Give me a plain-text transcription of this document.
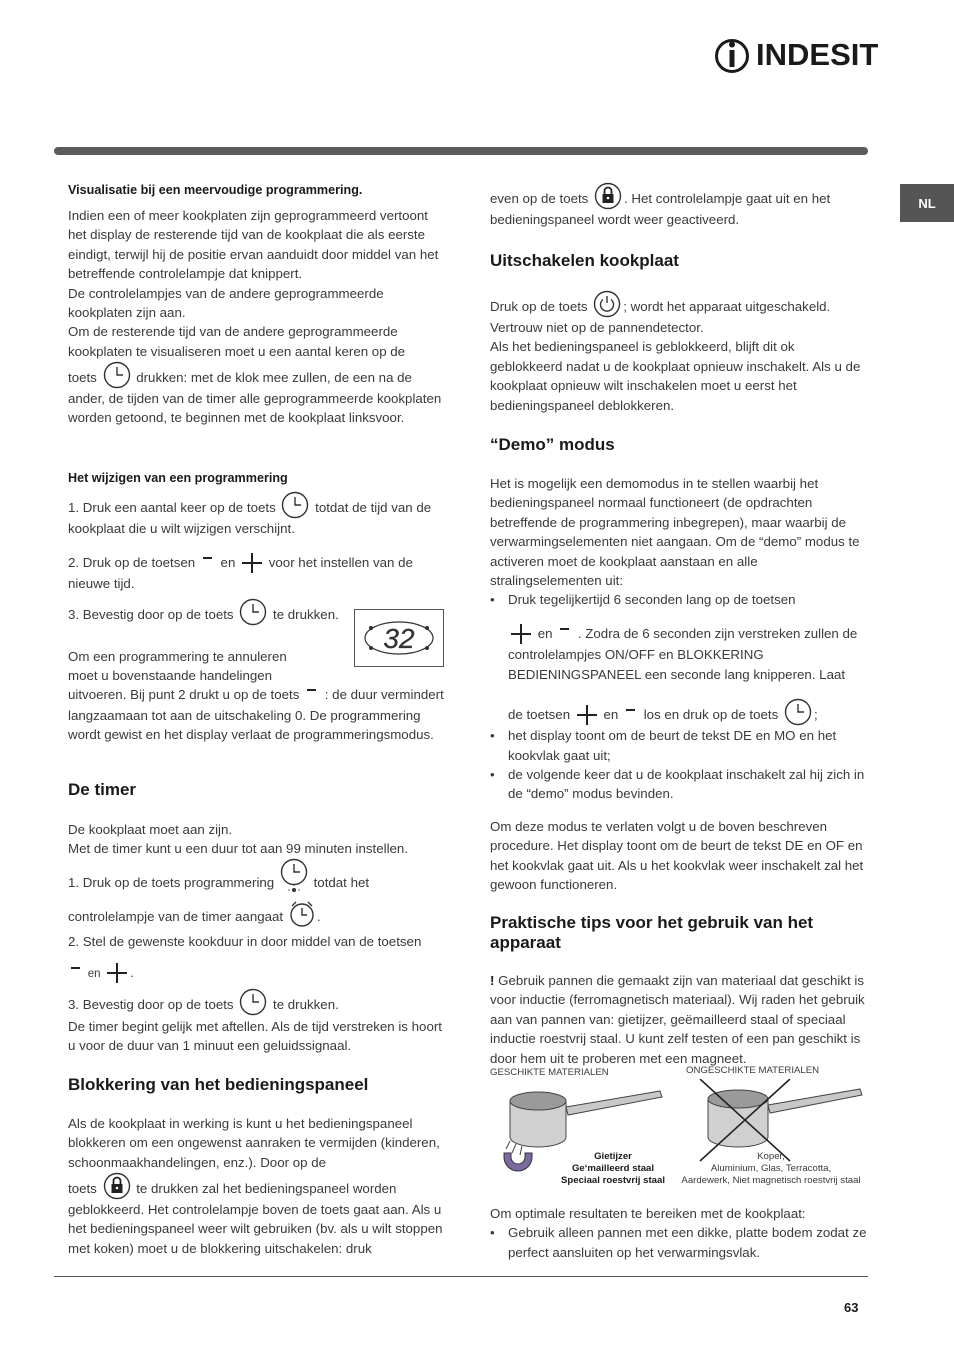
INDESIT
NL
Visualisatie bij een meervoudige programmering.

Indien een of meer kookplaten zijn geprogrammeerd vertoont het display de resterende tijd van de kookplaat die als eerste eindigt, terwijl hij de positie ervan aanduidt door middel van het betreffende controlelampje dat knippert.

De controlelampjes van de andere geprogrammeerde kookplaten zijn aan.

Om de resterende tijd van de andere geprogrammeerde kookplaten te visualiseren moet u een aantal keren op de

toets	drukken: met de klok mee zullen, de een na de ander, de tijden van de timer alle geprogrammeerde kookplaten worden getoond, te beginnen met de kookplaat linksvoor.

Het wijzigen van een programmering

1. Druk een aantal keer op de toets	totdat de tijd van de kookplaat die u wilt wijzigen verschijnt.

2. Druk op de toetsen en	voor het instellen van de nieuwe tijd.

3. Bevestig door op de toets	te drukken.

Om een programmering te annuleren moet u bovenstaande handelingen

uitvoeren. Bij punt 2 drukt u op de toets : de duur vermindert langzaamaan tot aan de uitschakeling 0. De programmering wordt gewist en het display verlaat de programmeringsmodus.

De timer

De kookplaat moet aan zijn.

Met de timer kunt u een duur tot aan 99 minuten instellen.

1. Druk op de toets programmering	totdat het

controlelampje van de timer aangaat	.

2. Stel de gewenste kookduur in door middel van de toetsen

en .

3. Bevestig door op de toets	te drukken.

De timer begint gelijk met aftellen. Als de tijd verstreken is hoort u voor de duur van 1 minuut een geluidssignaal.

Blokkering van het bedieningspaneel

Als de kookplaat in werking is kunt u het bedieningspaneel blokkeren om een ongewenst aanraken te vermijden (kinderen, schoonmaakhandelingen, enz.). Door op de

toets	te drukken zal het bedieningspaneel worden geblokkeerd. Het controlelampje boven de toets gaat aan. Als u het bedieningspaneel weer wilt gebruiken (bv. als u wilt stoppen met koken) moet u de blokkering uitschakelen: druk

32

even op de toets	. Het controlelampje gaat uit en het bedieningspaneel wordt weer geactiveerd.

Uitschakelen kookplaat

Druk op de toets	; wordt het apparaat uitgeschakeld.

Vertrouw niet op de pannendetector.

Als het bedieningspaneel is geblokkeerd, blijft dit ok geblokkeerd nadat u de kookplaat opnieuw inschakelt. Als u de kookplaat opnieuw wilt inschakelen moet u eerst het bedieningspaneel deblokkeren.

“Demo” modus

Het is mogelijk een demomodus in te stellen waarbij het bedieningspaneel normaal functioneert (de opdrachten betreffende de programmering inbegrepen), maar waarbij de verwarmingselementen niet aangaan. Om de “demo” modus te activeren moet de kookplaat aanstaan en alle stralingselementen uit:

• Druk tegelijkertijd 6 seconden lang op de toetsen

en . Zodra de 6 seconden zijn verstreken zullen de controlelampjes ON/OFF en BLOKKERING BEDIENINGSPANEEL een seconde lang knipperen. Laat

de toetsen	en los en druk op de toets	;

• het display toont om de beurt de tekst DE en MO en het kookvlak gaat uit;
• de volgende keer dat u de kookplaat inschakelt zal hij zich in de “demo” modus bevinden.

Om deze modus te verlaten volgt u de boven beschreven procedure. Het display toont om de beurt de tekst DE en OF en het kookvlak gaat uit. Als u het kookvlak weer inschakelt zal het gewoon functioneren.

Praktische tips voor het gebruik van het apparaat

! Gebruik pannen die gemaakt zijn van materiaal dat geschikt is voor inductie (ferromagnetisch materiaal). Wij raden het gebruik aan van pannen van: gietijzer, geëmailleerd staal of speciaal inductie roestvrij staal. U kunt zelf testen of een pan geschikt is door hem uit te proberen met een magneet.

Om optimale resultaten te bereiken met de kookplaat:

• Gebruik alleen pannen met een dikke, platte bodem zodat ze perfect aansluiten op het verwarmingsvlak.
GESCHIKTE MATERIALEN	ONGESCHIKTE MATERIALEN
Gietijzer
Ge‘mailleerd staal
Speciaal roestvrij staal
Koper,
Aluminium, Glas, Terracotta,
Aardewerk, Niet magnetisch roestvrij staal
63
